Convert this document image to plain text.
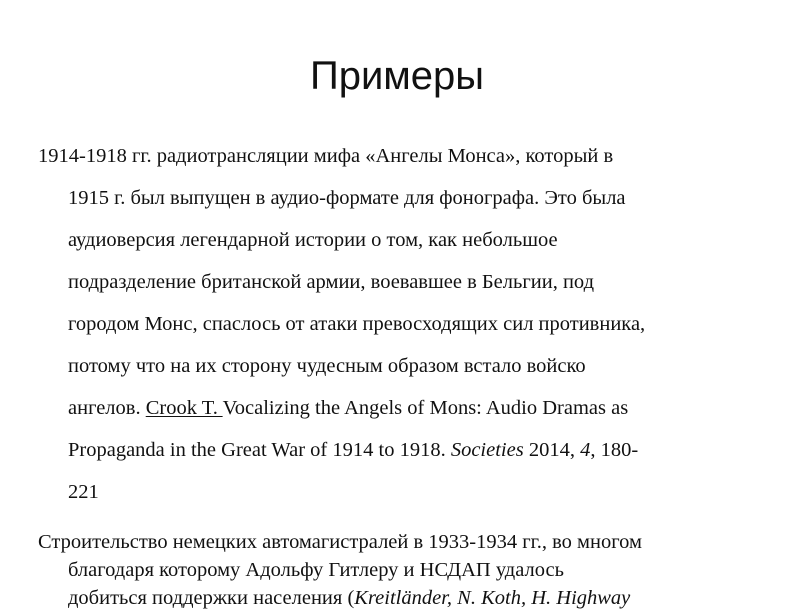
Примеры
1914-1918 гг. радиотрансляции мифа «Ангелы Монса», который в
1915 г. был выпущен в аудио-формате для фонографа. Это была
аудиоверсия легендарной истории о том, как небольшое
подразделение британской армии, воевавшее в Бельгии, под
городом Монс, спаслось от атаки превосходящих сил противника,
потому что на их сторону чудесным образом встало войско
ангелов. Crook T. Vocalizing the Angels of Mons: Audio Dramas as
Propaganda in the Great War of 1914 to 1918. Societies 2014, 4, 180-
221
Строительство немецких автомагистралей в 1933-1934 гг., во многом
благодаря которому Адольфу Гитлеру и НСДАП удалось
добиться поддержки населения (Kreitländer, N. Koth, H. Highway
